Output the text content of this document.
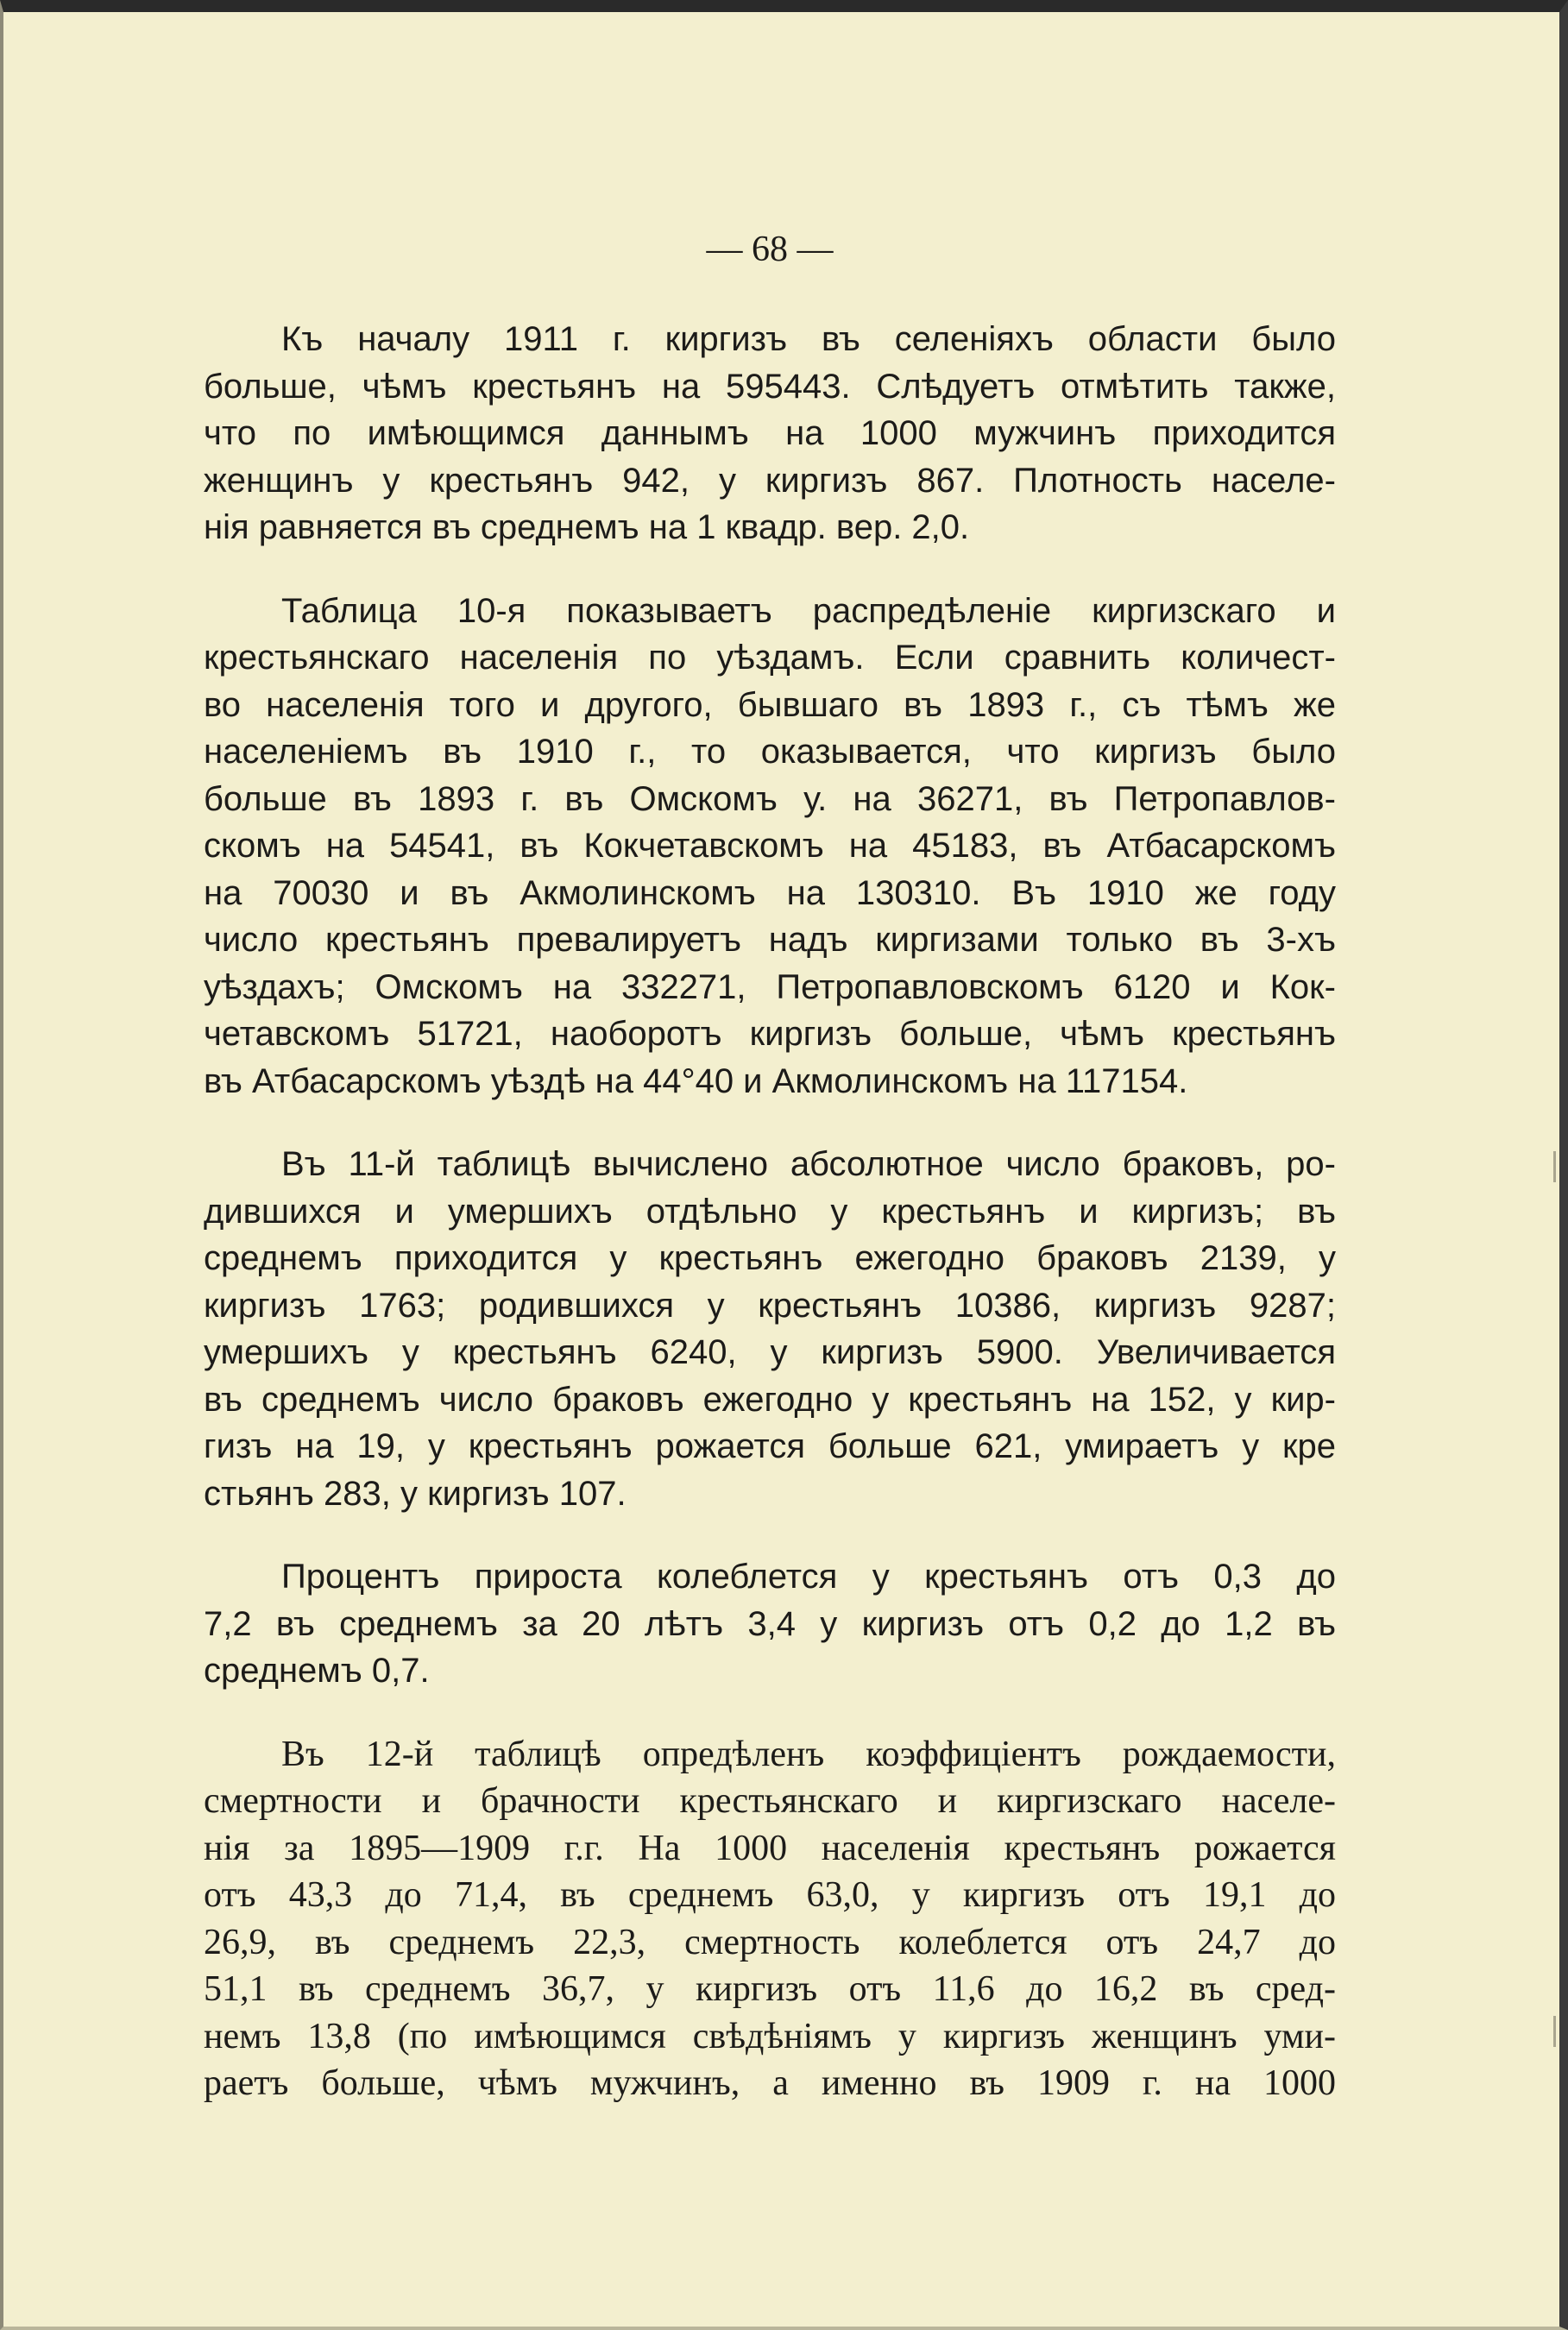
— 68 —
Къ началу 1911 г. киргизъ въ селеніяхъ области было
больше, чѣмъ крестьянъ на 595443. Слѣдуетъ отмѣтить также,
что по имѣющимся даннымъ на 1000 мужчинъ приходится
женщинъ у крестьянъ 942, у киргизъ 867. Плотность населе-
нія равняется въ среднемъ на 1 квадр. вер. 2,0.
Таблица 10-я показываетъ распредѣленіе киргизскаго и
крестьянскаго населенія по уѣздамъ. Если сравнить количест-
во населенія того и другого, бывшаго въ 1893 г., съ тѣмъ же
населеніемъ въ 1910 г., то оказывается, что киргизъ было
больше въ 1893 г. въ Омскомъ у. на 36271, въ Петропавлов-
скомъ на 54541, въ Кокчетавскомъ на 45183, въ Атбасарскомъ
на 70030 и въ Акмолинскомъ на 130310. Въ 1910 же году
число крестьянъ превалируетъ надъ киргизами только въ 3-хъ
уѣздахъ; Омскомъ на 332271, Петропавловскомъ 6120 и Кок-
четавскомъ 51721, наоборотъ киргизъ больше, чѣмъ крестьянъ
въ Атбасарскомъ уѣздѣ на 44°40 и Акмолинскомъ на 117154.
Въ 11-й таблицѣ вычислено абсолютное число браковъ, ро-
дившихся и умершихъ отдѣльно у крестьянъ и киргизъ; въ
среднемъ приходится у крестьянъ ежегодно браковъ 2139, у
киргизъ 1763; родившихся у крестьянъ 10386, киргизъ 9287;
умершихъ у крестьянъ 6240, у киргизъ 5900. Увеличивается
въ среднемъ число браковъ ежегодно у крестьянъ на 152, у кир-
гизъ на 19, у крестьянъ рожается больше 621, умираетъ у кре
стьянъ 283, у киргизъ 107.
Процентъ прироста колеблется у крестьянъ отъ 0,3 до
7,2 въ среднемъ за 20 лѣтъ 3,4 у киргизъ отъ 0,2 до 1,2 въ
среднемъ 0,7.
Въ 12-й таблицѣ опредѣленъ коэффиціентъ рождаемости,
смертности и брачности крестьянскаго и киргизскаго населе-
нія за 1895—1909 г.г. На 1000 населенія крестьянъ рожается
отъ 43,3 до 71,4, въ среднемъ 63,0, у киргизъ отъ 19,1 до
26,9, въ среднемъ 22,3, смертность колеблется отъ 24,7 до
51,1 въ среднемъ 36,7, у киргизъ отъ 11,6 до 16,2 въ сред-
немъ 13,8 (по имѣющимся свѣдѣніямъ у киргизъ женщинъ уми-
раетъ больше, чѣмъ мужчинъ, а именно въ 1909 г. на 1000
